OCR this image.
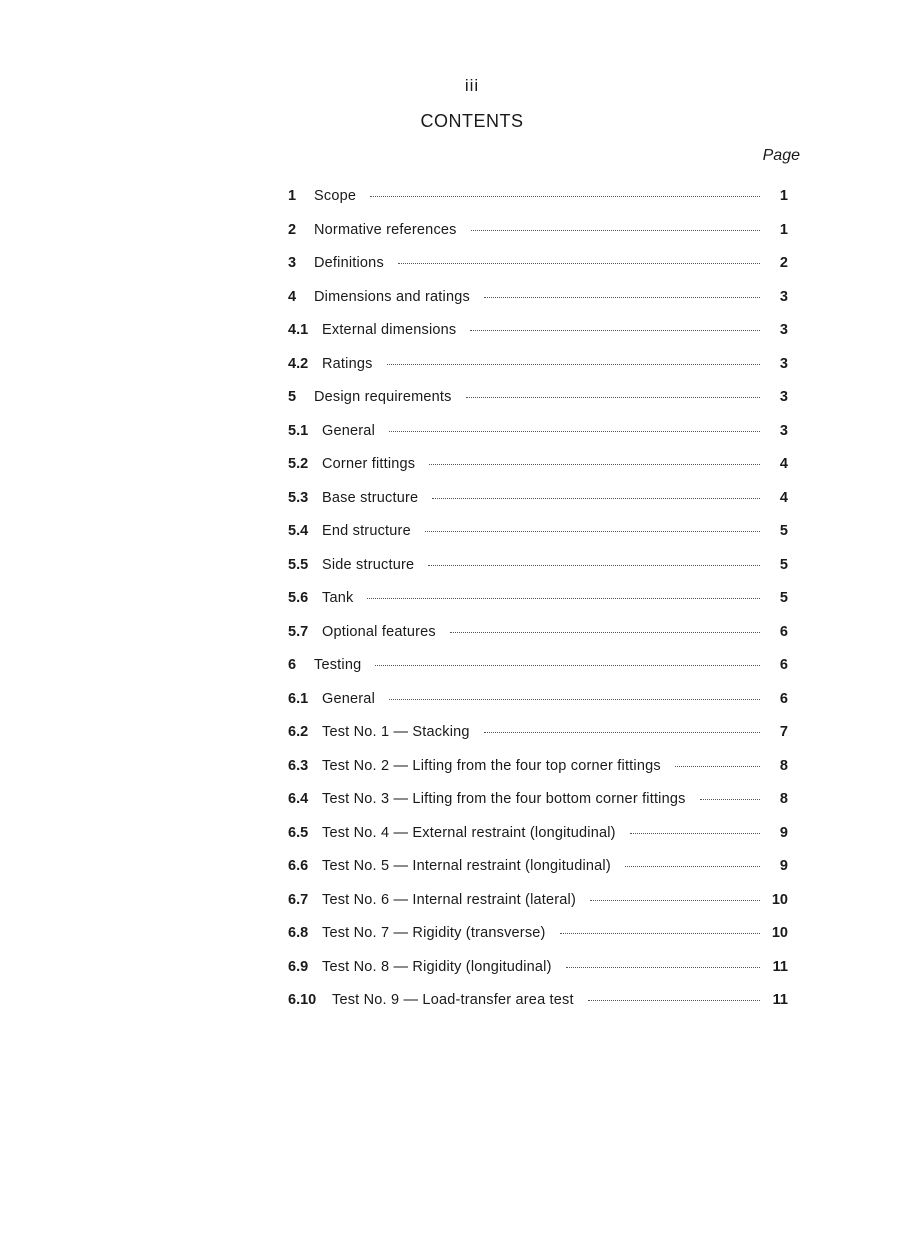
iii
CONTENTS
Page
1	Scope	1
2	Normative references	1
3	Definitions	2
4	Dimensions and ratings	3
4.1 External dimensions	3
4.2 Ratings	3
5	Design requirements	3
5.1 General	3
5.2 Corner fittings	4
5.3 Base structure	4
5.4 End structure	5
5.5 Side structure	5
5.6 Tank	5
5.7 Optional features	6
6	Testing	6
6.1 General	6
6.2 Test No. 1 — Stacking	7
6.3 Test No. 2 — Lifting from the four top corner fittings	8
6.4 Test No. 3 — Lifting from the four bottom corner fittings	8
6.5 Test No. 4 — External restraint (longitudinal)	9
6.6 Test No. 5 — Internal restraint (longitudinal)	9
6.7 Test No. 6 — Internal restraint (lateral)	10
6.8 Test No. 7 — Rigidity (transverse)	10
6.9 Test No. 8 — Rigidity (longitudinal)	11
6.10	Test No. 9 — Load-transfer area test	11
